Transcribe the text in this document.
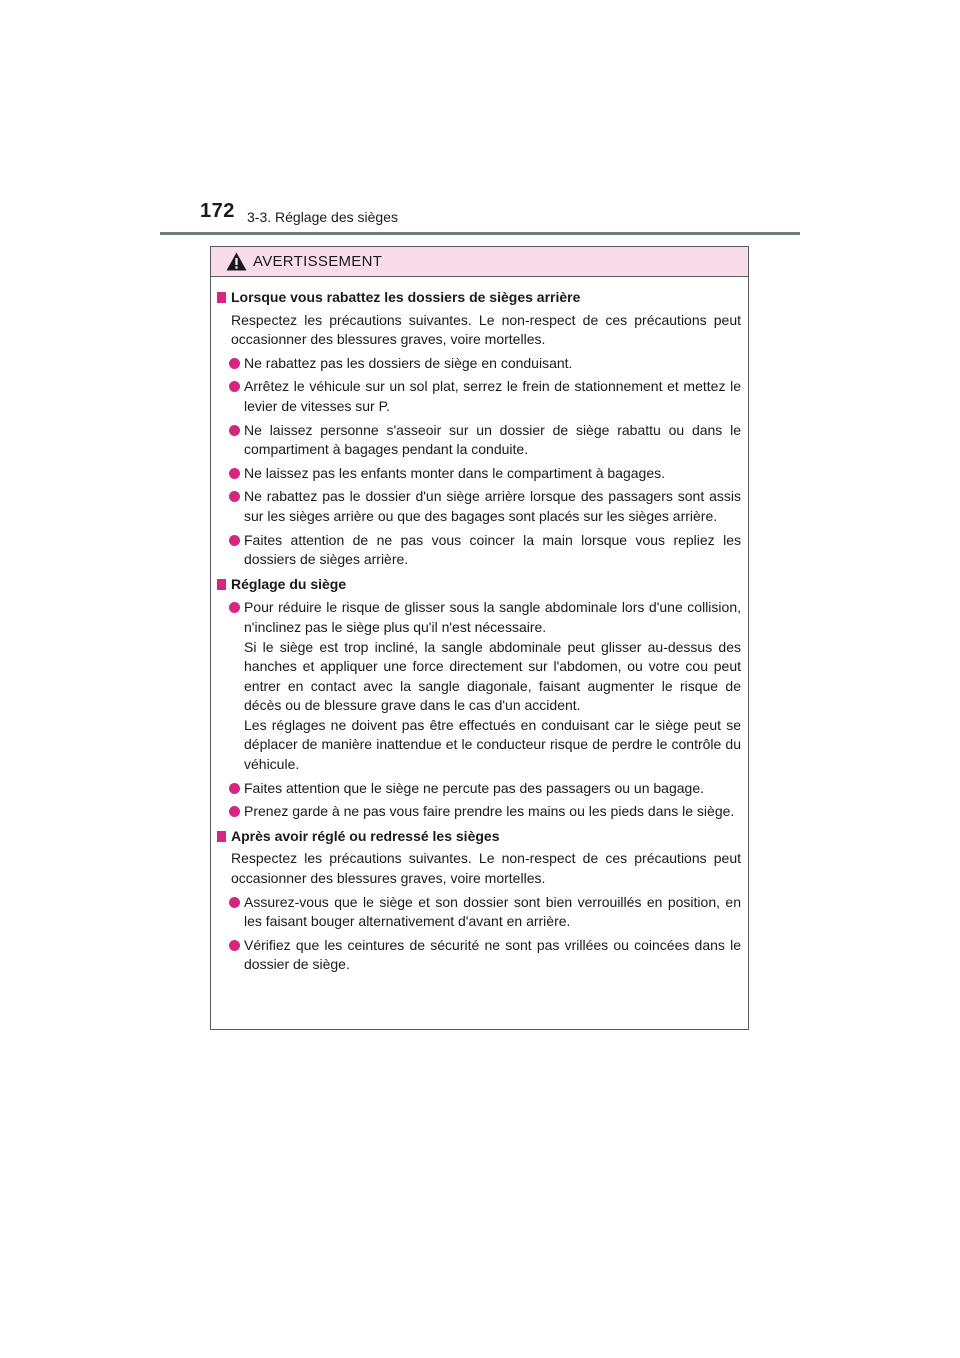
172 3-3. Réglage des sièges
AVERTISSEMENT
Lorsque vous rabattez les dossiers de sièges arrière
Respectez les précautions suivantes. Le non-respect de ces précautions peut occasionner des blessures graves, voire mortelles.
Ne rabattez pas les dossiers de siège en conduisant.
Arrêtez le véhicule sur un sol plat, serrez le frein de stationnement et mettez le levier de vitesses sur P.
Ne laissez personne s'asseoir sur un dossier de siège rabattu ou dans le compartiment à bagages pendant la conduite.
Ne laissez pas les enfants monter dans le compartiment à bagages.
Ne rabattez pas le dossier d'un siège arrière lorsque des passagers sont assis sur les sièges arrière ou que des bagages sont placés sur les sièges arrière.
Faites attention de ne pas vous coincer la main lorsque vous repliez les dossiers de sièges arrière.
Réglage du siège
Pour réduire le risque de glisser sous la sangle abdominale lors d'une collision, n'inclinez pas le siège plus qu'il n'est nécessaire.
Si le siège est trop incliné, la sangle abdominale peut glisser au-dessus des hanches et appliquer une force directement sur l'abdomen, ou votre cou peut entrer en contact avec la sangle diagonale, faisant augmenter le risque de décès ou de blessure grave dans le cas d'un accident.
Les réglages ne doivent pas être effectués en conduisant car le siège peut se déplacer de manière inattendue et le conducteur risque de perdre le contrôle du véhicule.
Faites attention que le siège ne percute pas des passagers ou un bagage.
Prenez garde à ne pas vous faire prendre les mains ou les pieds dans le siège.
Après avoir réglé ou redressé les sièges
Respectez les précautions suivantes. Le non-respect de ces précautions peut occasionner des blessures graves, voire mortelles.
Assurez-vous que le siège et son dossier sont bien verrouillés en position, en les faisant bouger alternativement d'avant en arrière.
Vérifiez que les ceintures de sécurité ne sont pas vrillées ou coincées dans le dossier de siège.
